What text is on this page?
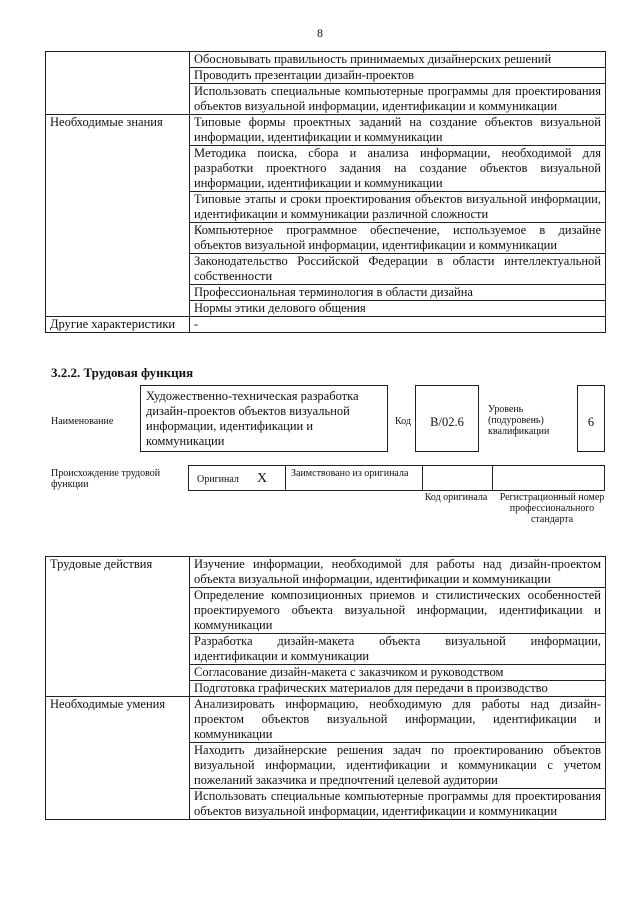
8
	Обосновывать правильность принимаемых дизайнерских решений
	Проводить презентации дизайн-проектов
	Использовать специальные компьютерные программы для проектирования объектов визуальной информации, идентификации и коммуникации
Необходимые знания	Типовые формы проектных заданий на создание объектов визуальной информации, идентификации и коммуникации
	Методика поиска, сбора и анализа информации, необходимой для разработки проектного задания на создание объектов визуальной информации, идентификации и коммуникации
	Типовые этапы и сроки проектирования объектов визуальной информации, идентификации и коммуникации различной сложности
	Компьютерное программное обеспечение, используемое в дизайне объектов визуальной информации, идентификации и коммуникации
	Законодательство Российской Федерации в области интеллектуальной собственности
	Профессиональная терминология в области дизайна
	Нормы этики делового общения
Другие характеристики	-
3.2.2. Трудовая функция
Наименование
Художественно-техническая разработка дизайн-проектов объектов визуальной информации, идентификации и коммуникации
Код	B/02.6
Уровень (подуровень) квалификации
6
Происхождение трудовой функции	Оригинал X Заимствовано из оригинала
Код оригинала	Регистрационный номер профессионального стандарта
Трудовые действия	Изучение информации, необходимой для работы над дизайн-проектом объекта визуальной информации, идентификации и коммуникации
	Определение композиционных приемов и стилистических особенностей проектируемого объекта визуальной информации, идентификации и коммуникации
	Разработка дизайн-макета объекта визуальной информации, идентификации и коммуникации
	Согласование дизайн-макета с заказчиком и руководством
	Подготовка графических материалов для передачи в производство
Необходимые умения	Анализировать информацию, необходимую для работы над дизайн-проектом объектов визуальной информации, идентификации и коммуникации
	Находить дизайнерские решения задач по проектированию объектов визуальной информации, идентификации и коммуникации с учетом пожеланий заказчика и предпочтений целевой аудитории
	Использовать специальные компьютерные программы для проектирования объектов визуальной информации, идентификации и коммуникации
